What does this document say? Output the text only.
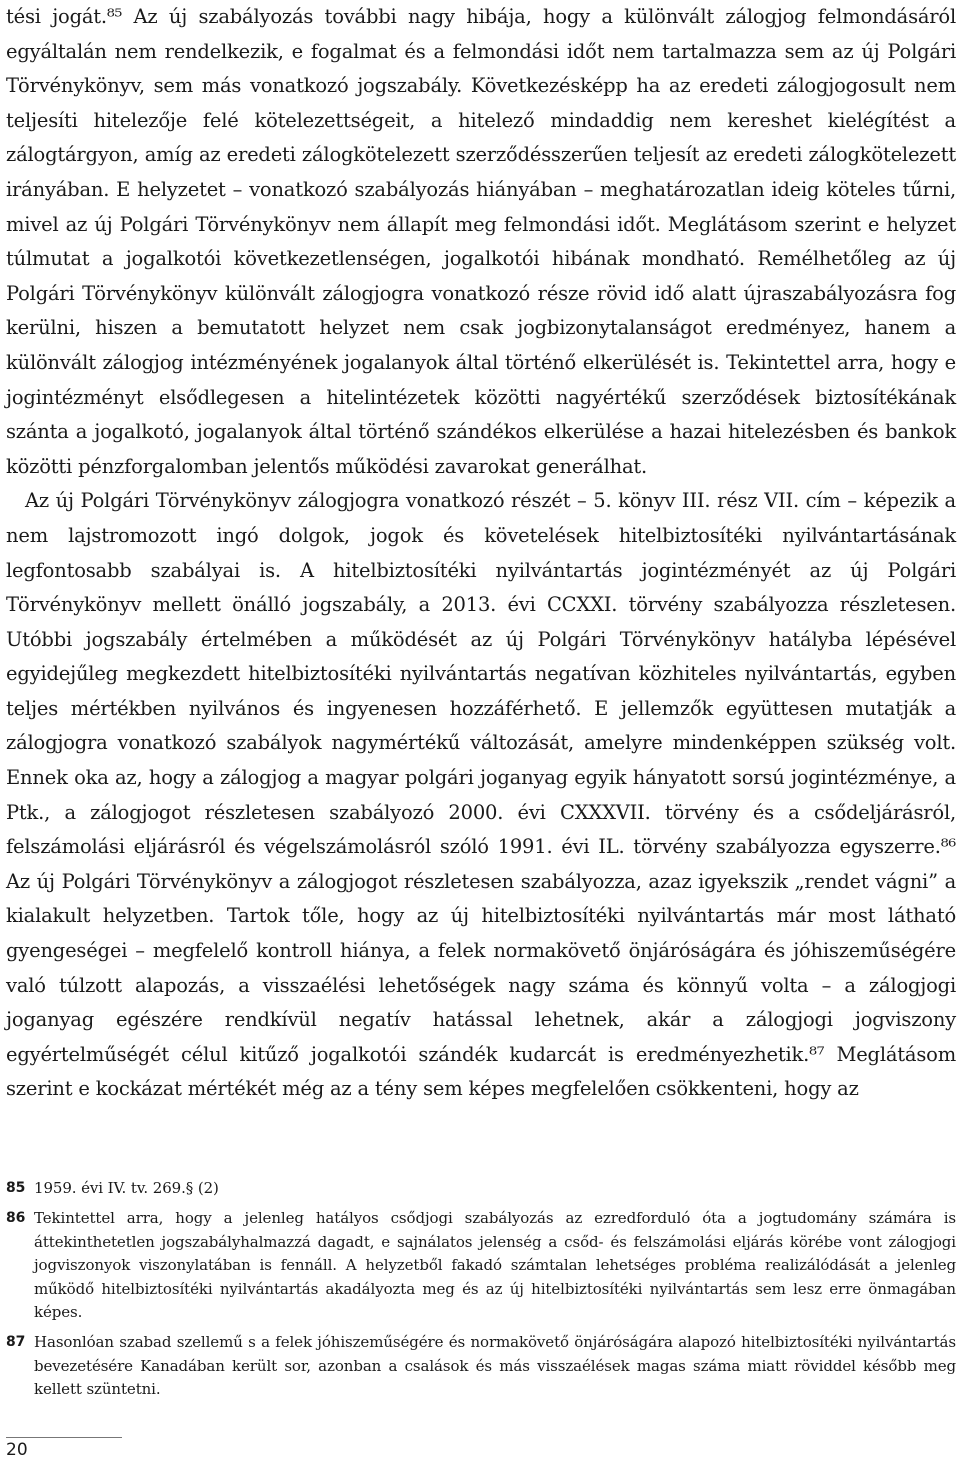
tési jogát.⁸⁵ Az új szabályozás további nagy hibája, hogy a különvált zálogjog felmondásáról egyáltalán nem rendelkezik, e fogalmat és a felmondási időt nem tartalmazza sem az új Polgári Törvénykönyv, sem más vonatkozó jogszabály. Következésképp ha az eredeti zálogjogosult nem teljesíti hitelezője felé kötelezettségeit, a hitelező mindaddig nem kereshet kielégítést a zálogtárgyon, amíg az eredeti zálogkötelezett szerződésszerűen teljesít az eredeti zálogkötelezett irányában. E helyzetet – vonatkozó szabályozás hiányában – meghatározatlan ideig köteles tűrni, mivel az új Polgári Törvénykönyv nem állapít meg felmondási időt. Meglátásom szerint e helyzet túlmutat a jogalkotói következetlenségen, jogalkotói hibának mondható. Remélhetőleg az új Polgári Törvénykönyv különvált zálogjogra vonatkozó része rövid idő alatt újraszabályozásra fog kerülni, hiszen a bemutatott helyzet nem csak jogbizonytalanságot eredményez, hanem a különvált zálogjog intézményének jogalanyok által történő elkerülését is. Tekintettel arra, hogy e jogintézményt elsődlegesen a hitelintézetek közötti nagyértékű szerződések biztosítékának szánta a jogalkotó, jogalanyok által történő szándékos elkerülése a hazai hitelezésben és bankok közötti pénzforgalomban jelentős működési zavarokat generálhat.

Az új Polgári Törvénykönyv zálogjogra vonatkozó részét – 5. könyv III. rész VII. cím – képezik a nem lajstromozott ingó dolgok, jogok és követelések hitelbiztosítéki nyilvántartásának legfontosabb szabályai is. A hitelbiztosítéki nyilvántartás jogintézményét az új Polgári Törvénykönyv mellett önálló jogszabály, a 2013. évi CCXXI. törvény szabályozza részletesen. Utóbbi jogszabály értelmében a működését az új Polgári Törvénykönyv hatályba lépésével egyidejűleg megkezdett hitelbiztosítéki nyilvántartás negatívan közhiteles nyilvántartás, egyben teljes mértékben nyilvános és ingyenesen hozzáférhető. E jellemzők együttesen mutatják a zálogjogra vonatkozó szabályok nagymértékű változását, amelyre mindenképpen szükség volt. Ennek oka az, hogy a zálogjog a magyar polgári joganyag egyik hányatott sorsú jogintézménye, a Ptk., a zálogjogot részletesen szabályozó 2000. évi CXXXVII. törvény és a csődeljárásról, felszámolási eljárásról és végelszámolásról szóló 1991. évi IL. törvény szabályozza egyszerre.⁸⁶ Az új Polgári Törvénykönyv a zálogjogot részletesen szabályozza, azaz igyekszik „rendet vágni” a kialakult helyzetben. Tartok tőle, hogy az új hitelbiztosítéki nyilvántartás már most látható gyengeségei – megfelelő kontroll hiánya, a felek normakövető önjáróságára és jóhiszeműségére való túlzott alapozás, a visszaélési lehetőségek nagy száma és könnyű volta – a zálogjogi joganyag egészére rendkívül negatív hatással lehetnek, akár a zálogjogi jogviszony egyértelműségét célul kitűző jogalkotói szándék kudarcát is eredményezhetik.⁸⁷ Meglátásom szerint e kockázat mértékét még az a tény sem képes megfelelően csökkenteni, hogy az

85 1959. évi IV. tv. 269.§ (2)
86 Tekintettel arra, hogy a jelenleg hatályos csődjogi szabályozás az ezredforduló óta a jogtudomány számára is áttekinthetetlen jogszabályhalmazzá dagadt, e sajnálatos jelenség a csőd- és felszámolási eljárás körébe vont zálogjogi jogviszonyok viszonylatában is fennáll. A helyzetből fakadó számtalan lehetséges probléma realizálódását a jelenleg működő hitelbiztosítéki nyilvántartás akadályozta meg és az új hitelbiztosítéki nyilvántartás sem lesz erre önmagában képes.
87 Hasonlóan szabad szellemű s a felek jóhiszeműségére és normakövető önjáróságára alapozó hitelbiztosítéki nyilvántartás bevezetésére Kanadában került sor, azonban a csalások és más visszaélések magas száma miatt röviddel később meg kellett szüntetni.
20
